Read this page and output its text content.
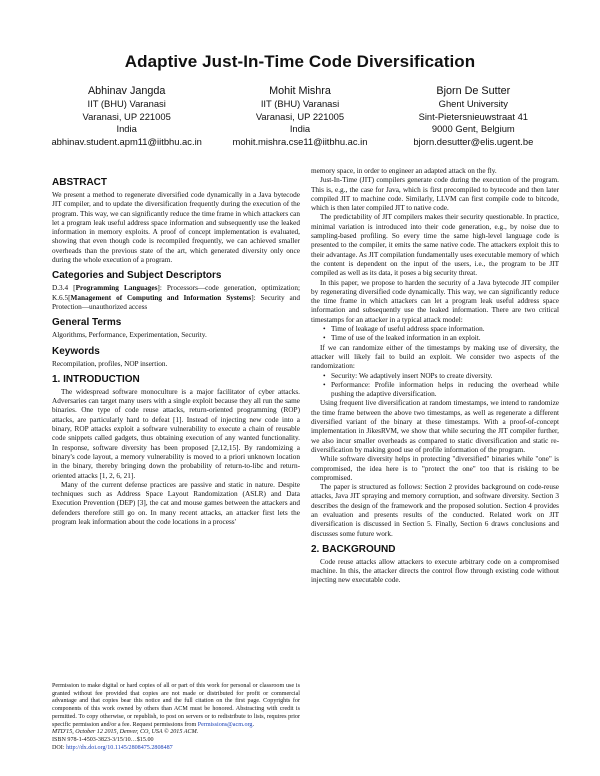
Adaptive Just-In-Time Code Diversification
Abhinav Jangda
IIT (BHU) Varanasi
Varanasi, UP 221005
India
abhinav.student.apm11@iitbhu.ac.in
Mohit Mishra
IIT (BHU) Varanasi
Varanasi, UP 221005
India
mohit.mishra.cse11@iitbhu.ac.in
Bjorn De Sutter
Ghent University
Sint-Pietersnieuwstraat 41
9000 Gent, Belgium
bjorn.desutter@elis.ugent.be
ABSTRACT

We present a method to regenerate diversified code dynamically in a Java bytecode JIT compiler, and to update the diversification frequently during the execution of the program. This way, we can significantly reduce the time frame in which attackers can let a program leak useful address space information and subsequently use the leaked information in memory exploits. A proof of concept implementation is evaluated, showing that even though code is recompiled frequently, we can achieved smaller overheads than the previous state of the art, which generated diversity only once during the whole execution of a program.

Categories and Subject Descriptors

D.3.4 [Programming Languages]: Processors—code generation, optimization; K.6.5[Management of Computing and Information Systems]: Security and Protection—unauthorized access

General Terms

Algorithms, Performance, Experimentation, Security.

Keywords

Recompilation, profiles, NOP insertion.

1. INTRODUCTION

The widespread software monoculture is a major facilitator of cyber attacks. Adversaries can target many users with a single exploit because they all run the same binaries. One type of code reuse attacks, return-oriented programming (ROP) attacks, are particularly hard to defeat [1]. Instead of injecting new code into a binary, ROP attacks exploit a software vulnerability to execute a chain of reusable code snippets called gadgets, thus obtaining execution of any wanted functionality. In response, software diversity has been proposed [2,12,15]. By randomizing a binary's code layout, a memory vulnerability is moved to a priori unknown location in the binary, thereby bringing down the probability of return-to-libc and return-oriented attacks [1, 2, 6, 21].

Many of the current defense practices are passive and static in nature. Despite techniques such as Address Space Layout Randomization (ASLR) and Data Execution Prevention (DEP) [3], the cat and mouse games between the attackers and defenders therefore still go on. In many recent attacks, an attacker first lets the program leak information about the code locations in a process'

Permission to make digital or hard copies of all or part of this work for personal or classroom use is granted without fee provided that copies are not made or distributed for profit or commercial advantage and that copies bear this notice and the full citation on the first page. Copyrights for components of this work owned by others than ACM must be honored. Abstracting with credit is permitted. To copy otherwise, or republish, to post on servers or to redistribute to lists, requires prior specific permission and/or a fee. Request permissions from Permissions@acm.org.

MTD'15, October 12 2015, Denver, CO, USA © 2015 ACM.

ISBN 978-1-4503-3823-3/15/10…$15.00

DOI: http://dx.doi.org/10.1145/2808475.2808487

memory space, in order to engineer an adapted attack on the fly.

Just-In-Time (JIT) compilers generate code during the execution of the program. This is, e.g., the case for Java, which is first precompiled to bytecode and then later compiled JIT to machine code. Similarly, LLVM can first compile code to bitcode, which is then later compiled JIT to native code.

The predictability of JIT compilers makes their security questionable. In practice, minimal variation is introduced into their code generation, e.g., by noise due to sampling-based profiling. So every time the same high-level language code is presented to the compiler, it emits the same native code. The attackers exploit this to their advantage. As JIT compilation fundamentally uses executable memory of which the content is dependent on the input of the users, i.e., the program to be JIT compiled as well as its data, it poses a big security threat.

In this paper, we propose to harden the security of a Java bytecode JIT compiler by regenerating diversified code dynamically. This way, we can significantly reduce the time frame in which attackers can let a program leak useful address space information and subsequently use the leaked information. There are two critical timestamps for an attacker in a typical attack model:

• Time of leakage of useful address space information.
• Time of use of the leaked information in an exploit.

If we can randomize either of the timestamps by making use of diversity, the attacker will likely fail to build an exploit. We consider two aspects of the randomization:

• Security: We adaptively insert NOPs to create diversity.
• Performance: Profile information helps in reducing the overhead while pushing the adaptive diversification.

Using frequent live diversification at random timestamps, we intend to randomize the time frame between the above two timestamps, as well as regenerate a different diversified variant of the binary at these timestamps. With a proof-of-concept implementation in JikesRVM, we show that while securing the JIT compiler further, we also incur smaller overheads as compared to static diversification and static re-diversification by making good use of profile information of the program.

While software diversity helps in protecting "diversified" binaries while "one" is compromised, the idea here is to "protect the one" too that is risking to be compromised.

The paper is structured as follows: Section 2 provides background on code-reuse attacks, Java JIT spraying and memory corruption, and software diversity. Section 3 describes the design of the framework and the proposed solution. Section 4 provides an evaluation and presents results of the conducted. Related work on JIT diversification is discussed in Section 5. Finally, Section 6 draws conclusions and discusses some future work.

2. BACKGROUND

Code reuse attacks allow attackers to execute arbitrary code on a compromised machine. In this, the attacker directs the control flow through existing code without injecting new executable code.
